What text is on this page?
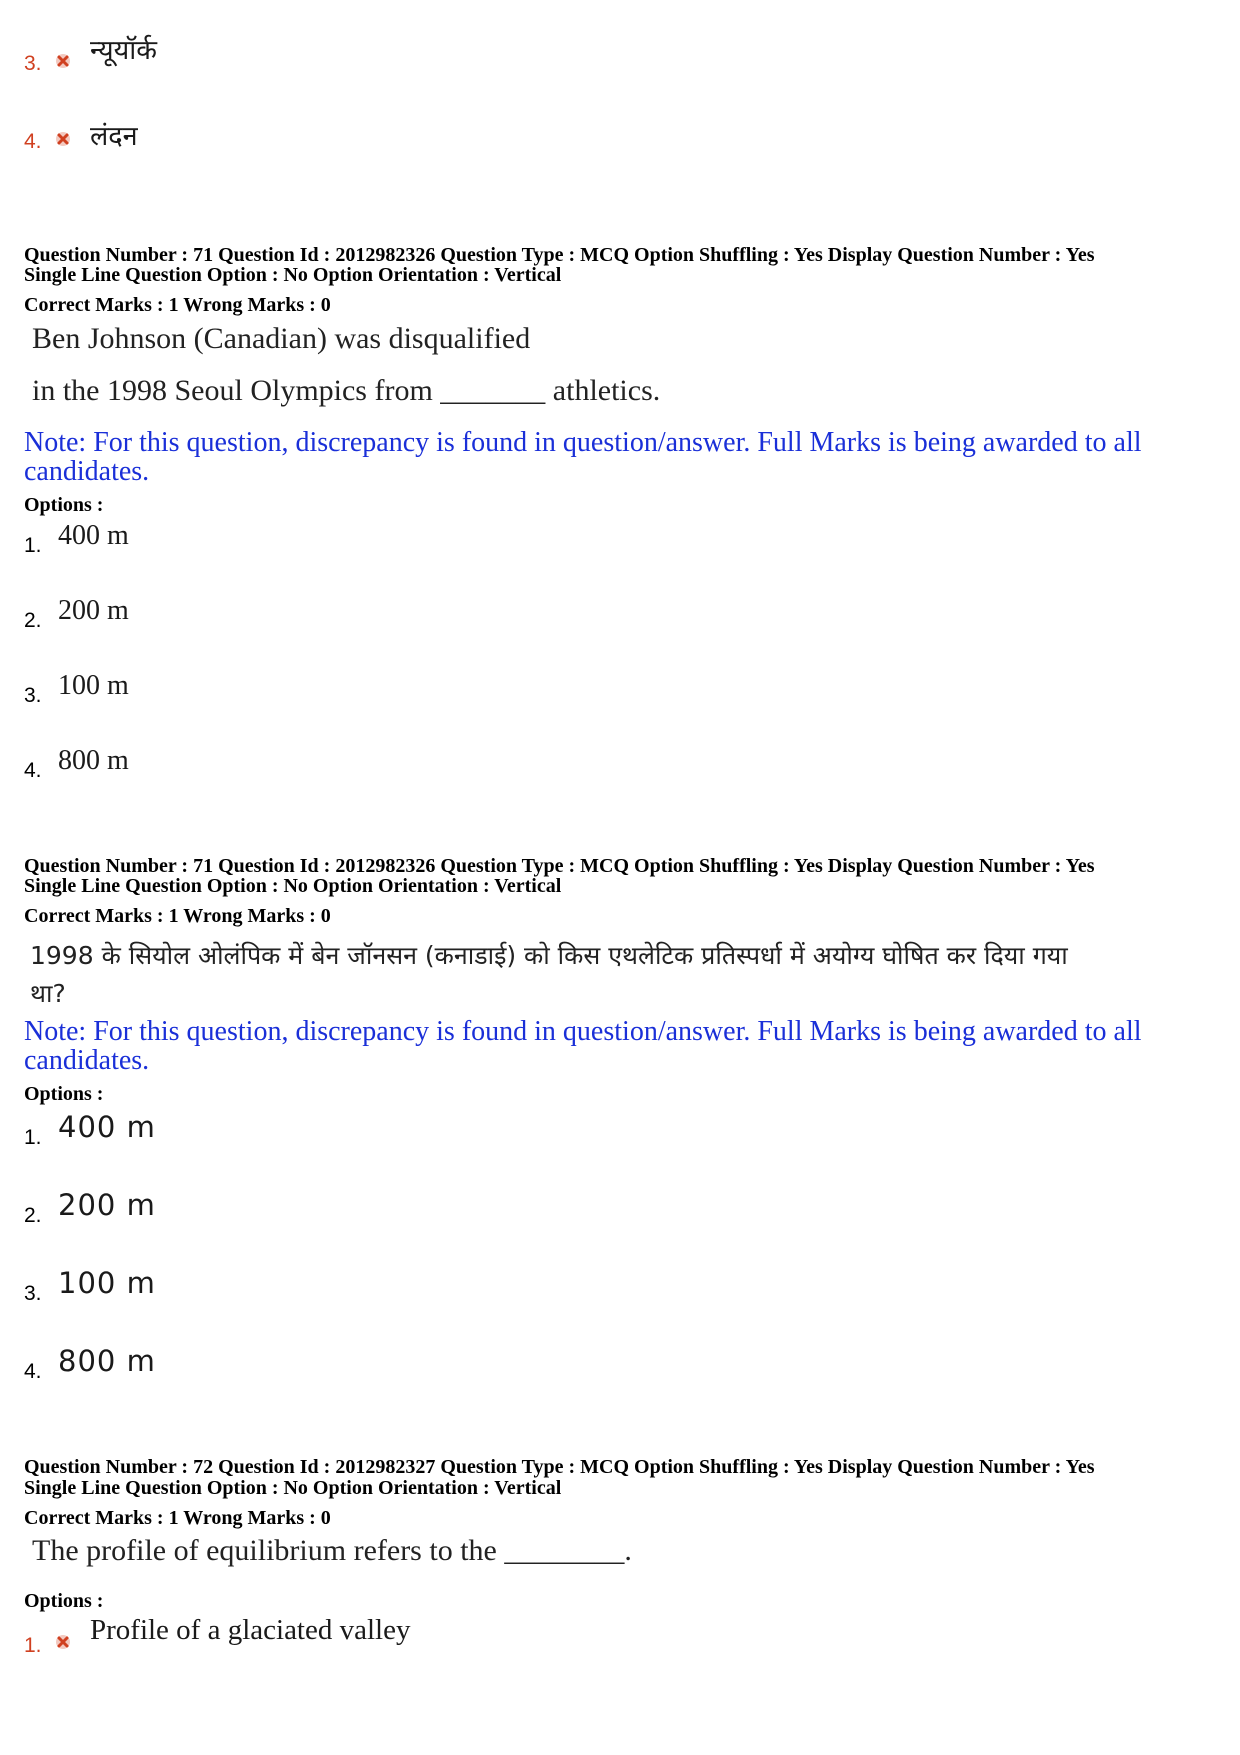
3. न्यूयॉर्क
4. लंदन
Question Number : 71 Question Id : 2012982326 Question Type : MCQ Option Shuffling : Yes Display Question Number : Yes
Single Line Question Option : No Option Orientation : Vertical
Correct Marks : 1 Wrong Marks : 0
Ben Johnson (Canadian) was disqualified
in the 1998 Seoul Olympics from _______ athletics.
Note: For this question, discrepancy is found in question/answer. Full Marks is being awarded to all candidates.
Options :
1. 400 m
2. 200 m
3. 100 m
4. 800 m
Question Number : 71 Question Id : 2012982326 Question Type : MCQ Option Shuffling : Yes Display Question Number : Yes
Single Line Question Option : No Option Orientation : Vertical
Correct Marks : 1 Wrong Marks : 0
1998 के सियोल ओलंपिक में बेन जॉनसन (कनाडाई) को किस एथलेटिक प्रतिस्पर्धा में अयोग्य घोषित कर दिया गया
था?
Note: For this question, discrepancy is found in question/answer. Full Marks is being awarded to all candidates.
Options :
1. 400 m
2. 200 m
3. 100 m
4. 800 m
Question Number : 72 Question Id : 2012982327 Question Type : MCQ Option Shuffling : Yes Display Question Number : Yes
Single Line Question Option : No Option Orientation : Vertical
Correct Marks : 1 Wrong Marks : 0
The profile of equilibrium refers to the ________.
Options :
1. Profile of a glaciated valley
